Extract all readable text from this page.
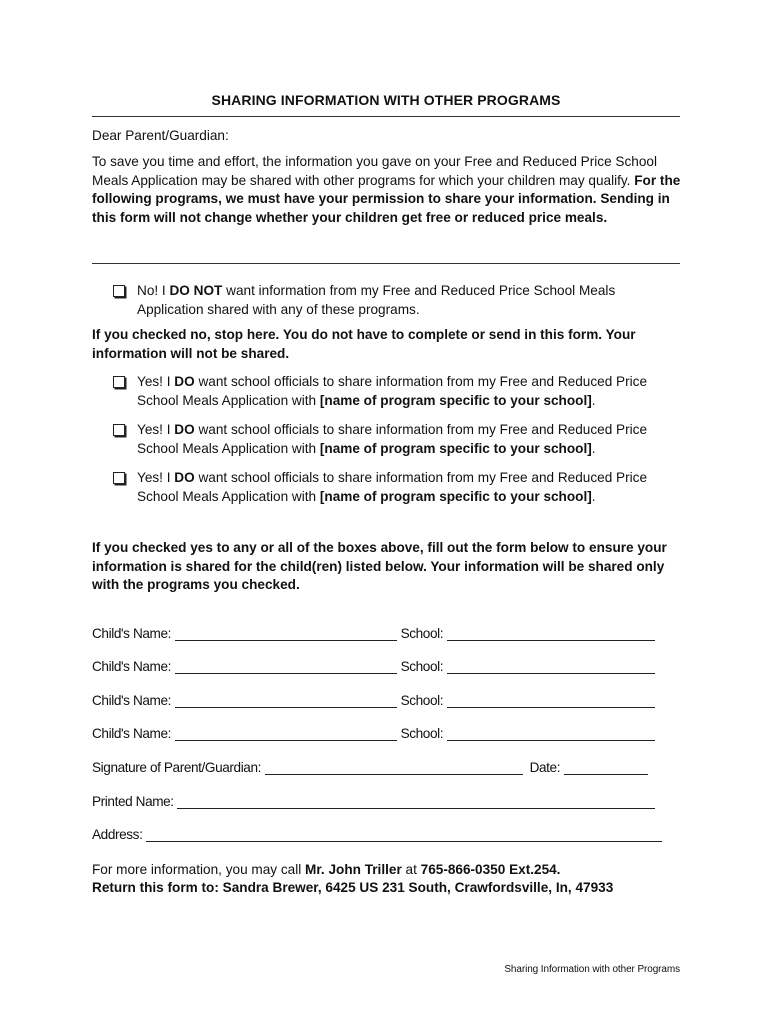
SHARING INFORMATION WITH OTHER PROGRAMS
Dear Parent/Guardian:
To save you time and effort, the information you gave on your Free and Reduced Price School Meals Application may be shared with other programs for which your children may qualify. For the following programs, we must have your permission to share your information. Sending in this form will not change whether your children get free or reduced price meals.
No! I DO NOT want information from my Free and Reduced Price School Meals
Application shared with any of these programs.
If you checked no, stop here. You do not have to complete or send in this form. Your information will not be shared.
Yes! I DO want school officials to share information from my Free and Reduced Price
School Meals Application with [name of program specific to your school].
Yes! I DO want school officials to share information from my Free and Reduced Price
School Meals Application with [name of program specific to your school].
Yes! I DO want school officials to share information from my Free and Reduced Price
School Meals Application with [name of program specific to your school].
If you checked yes to any or all of the boxes above, fill out the form below to ensure your information is shared for the child(ren) listed below. Your information will be shared only with the programs you checked.
Child's Name:	School:
Child's Name:	School:
Child's Name:	School:
Child's Name:	School:
Signature of Parent/Guardian:	Date:
Printed Name:
Address:
For more information, you may call Mr. John Triller at 765-866-0350 Ext.254.
Return this form to: Sandra Brewer, 6425 US 231 South, Crawfordsville, In, 47933
Sharing Information with other Programs
